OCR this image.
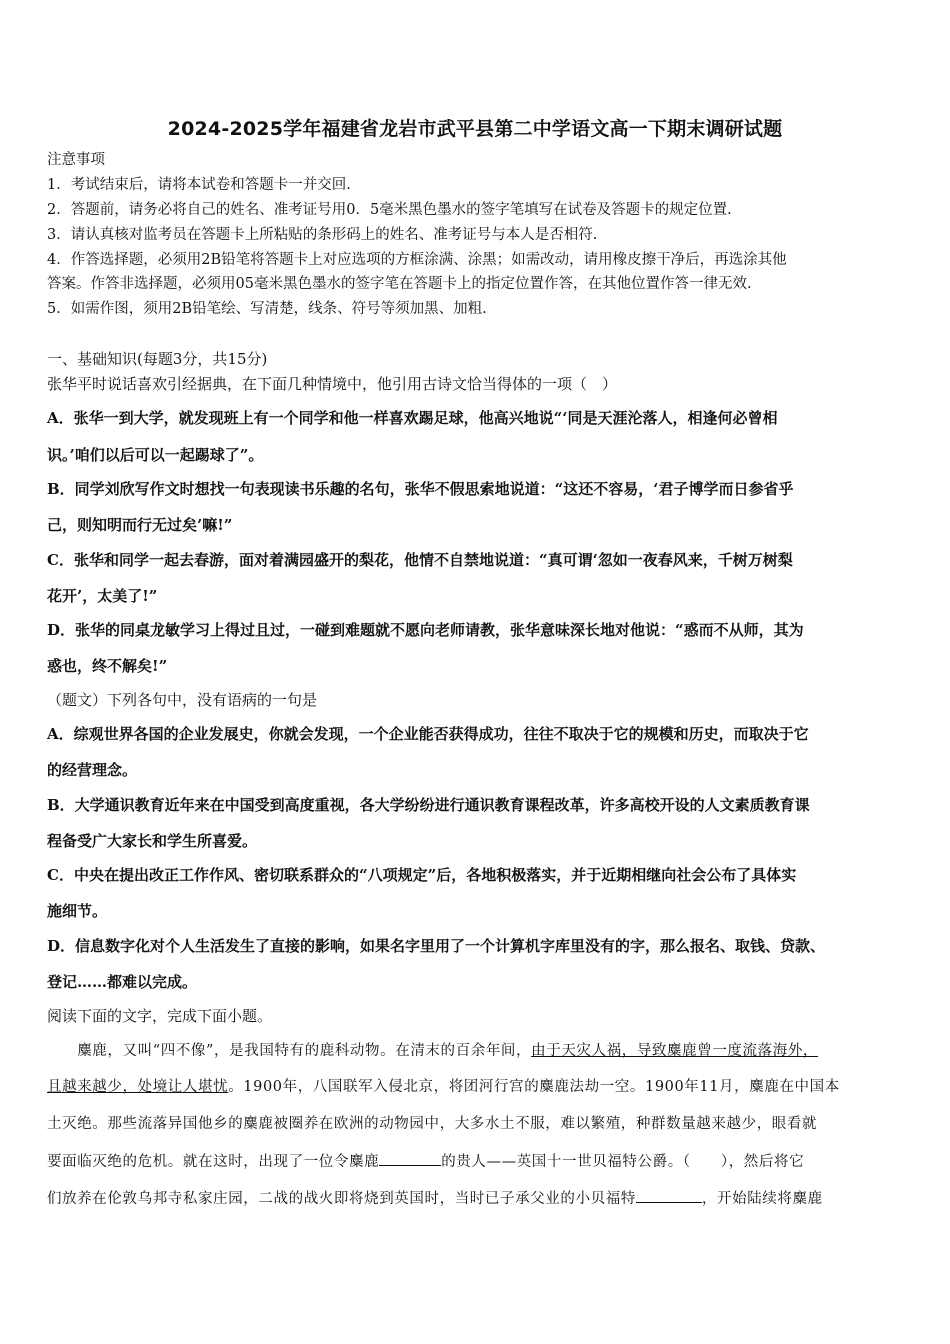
2024-2025学年福建省龙岩市武平县第二中学语文高一下期末调研试题
注意事项
1．考试结束后，请将本试卷和答题卡一并交回.
2．答题前，请务必将自己的姓名、准考证号用0．5毫米黑色墨水的签字笔填写在试卷及答题卡的规定位置.
3．请认真核对监考员在答题卡上所粘贴的条形码上的姓名、准考证号与本人是否相符.
4．作答选择题，必须用2B铅笔将答题卡上对应选项的方框涂满、涂黑；如需改动，请用橡皮擦干净后，再选涂其他
答案。作答非选择题，必须用05毫米黑色墨水的签字笔在答题卡上的指定位置作答，在其他位置作答一律无效.
5．如需作图，须用2B铅笔绘、写清楚，线条、符号等须加黑、加粗.
一、基础知识(每题3分，共15分)
张华平时说话喜欢引经据典，在下面几种情境中，他引用古诗文恰当得体的一项（　）
A．张华一到大学，就发现班上有一个同学和他一样喜欢踢足球，他高兴地说“‘同是天涯沦落人，相逢何必曾相
识。’咱们以后可以一起踢球了”。
B．同学刘欣写作文时想找一句表现读书乐趣的名句，张华不假思索地说道：“这还不容易，‘君子博学而日参省乎
己，则知明而行无过矣’嘛!”
C．张华和同学一起去春游，面对着满园盛开的梨花，他情不自禁地说道：“真可谓‘忽如一夜春风来，千树万树梨
花开’，太美了!”
D．张华的同桌龙敏学习上得过且过，一碰到难题就不愿向老师请教，张华意味深长地对他说：“惑而不从师，其为
惑也，终不解矣!”
（题文）下列各句中，没有语病的一句是
A．综观世界各国的企业发展史，你就会发现，一个企业能否获得成功，往往不取决于它的规模和历史，而取决于它
的经营理念。
B．大学通识教育近年来在中国受到高度重视，各大学纷纷进行通识教育课程改革，许多高校开设的人文素质教育课
程备受广大家长和学生所喜爱。
C．中央在提出改正工作作风、密切联系群众的“八项规定”后，各地积极落实，并于近期相继向社会公布了具体实
施细节。
D．信息数字化对个人生活发生了直接的影响，如果名字里用了一个计算机字库里没有的字，那么报名、取钱、贷款、
登记……都难以完成。
阅读下面的文字，完成下面小题。
　　麋鹿，又叫“四不像”，是我国特有的鹿科动物。在清末的百余年间，由于天灾人祸，导致麋鹿曾一度流落海外，
且越来越少，处境让人堪忧。1900年，八国联军入侵北京，将团河行宫的麋鹿法劫一空。1900年11月，麋鹿在中国本
土灭绝。那些流落异国他乡的麋鹿被圈养在欧洲的动物园中，大多水土不服，难以繁殖，种群数量越来越少，眼看就
要面临灭绝的危机。就在这时，出现了一位令麋鹿	的贵人——英国十一世贝福特公爵。（　　），然后将它
们放养在伦敦乌邦寺私家庄园，二战的战火即将烧到英国时，当时已子承父业的小贝福特	，开始陆续将麋鹿
